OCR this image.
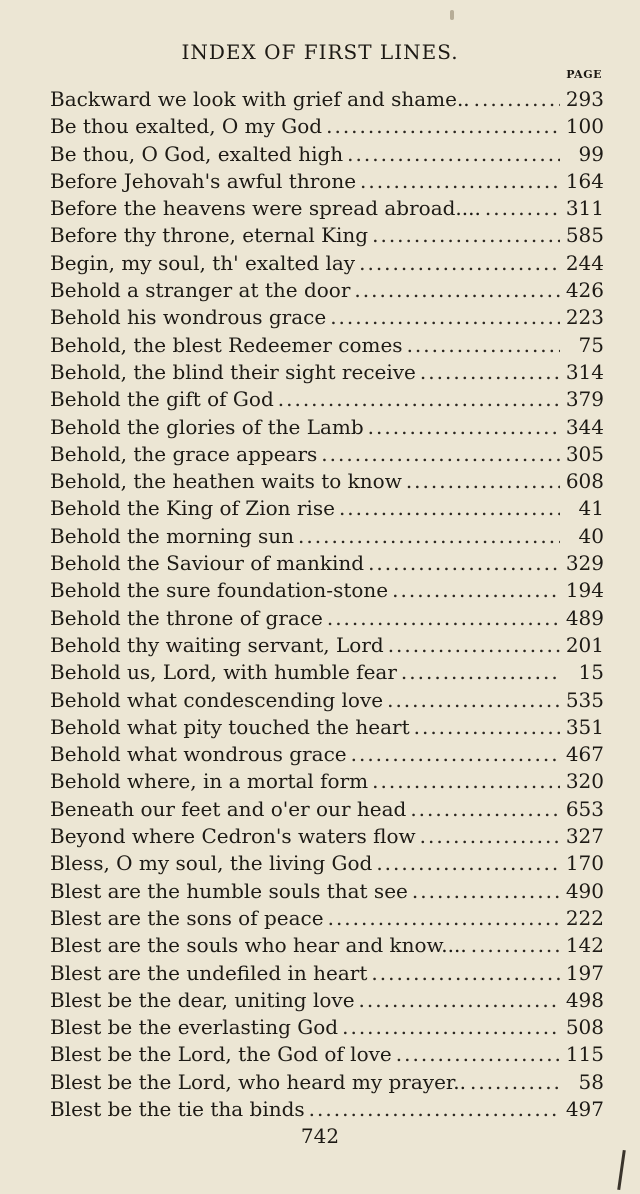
INDEX OF FIRST LINES.
PAGE
Backward we look with grief and shame.. .....	293
Be thou exalted, O my God .....	100
Be thou, O God, exalted high .....	99
Before Jehovah's awful throne .....	164
Before the heavens were spread abroad.... .....	311
Before thy throne, eternal King .....	585
Begin, my soul, th' exalted lay .....	244
Behold a stranger at the door .....	426
Behold his wondrous grace .....	223
Behold, the blest Redeemer comes .....	75
Behold, the blind their sight receive .....	314
Behold the gift of God .....	379
Behold the glories of the Lamb .....	344
Behold, the grace appears .....	305
Behold, the heathen waits to know .....	608
Behold the King of Zion rise .....	41
Behold the morning sun .....	40
Behold the Saviour of mankind .....	329
Behold the sure foundation-stone .....	194
Behold the throne of grace .....	489
Behold thy waiting servant, Lord .....	201
Behold us, Lord, with humble fear .....	15
Behold what condescending love .....	535
Behold what pity touched the heart .....	351
Behold what wondrous grace .....	467
Behold where, in a mortal form .....	320
Beneath our feet and o'er our head .....	653
Beyond where Cedron's waters flow .....	327
Bless, O my soul, the living God .....	170
Blest are the humble souls that see .....	490
Blest are the sons of peace .....	222
Blest are the souls who hear and know.... .....	142
Blest are the undefiled in heart .....	197
Blest be the dear, uniting love .....	498
Blest be the everlasting God .....	508
Blest be the Lord, the God of love .....	115
Blest be the Lord, who heard my prayer.. .....	58
Blest be the tie tha binds .....	497
742
